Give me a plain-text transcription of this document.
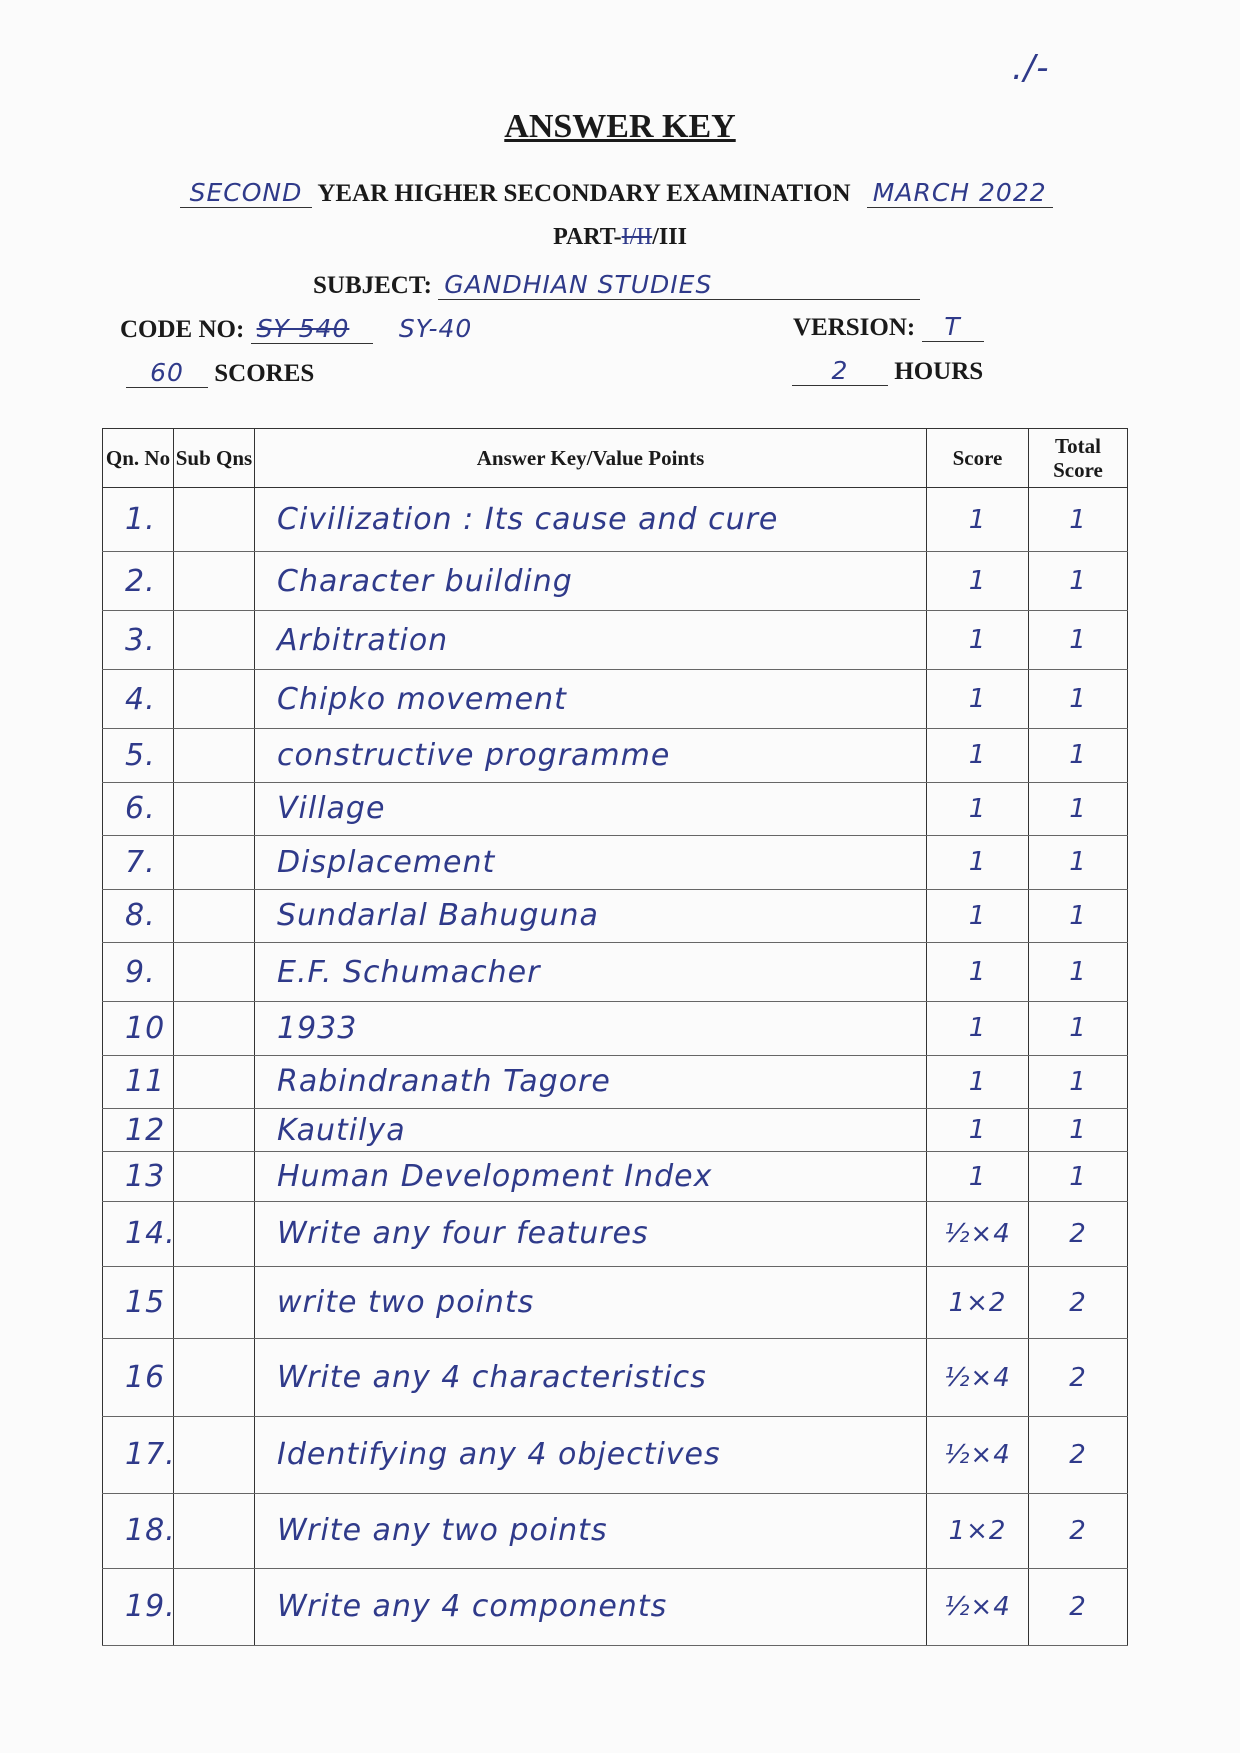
./-
ANSWER KEY
SECOND YEAR HIGHER SECONDARY EXAMINATION MARCH 2022
PART-I/II/III
SUBJECT: GANDHIAN STUDIES
CODE NO: SY 540 SY-40	VERSION: T
60 SCORES	2 HOURS
Qn. No	Sub Qns	Answer Key/Value Points	Score	Total Score
1.		Civilization : Its cause and cure	1	1
2.		Character building	1	1
3.		Arbitration	1	1
4.		Chipko movement	1	1
5.		constructive programme	1	1
6.		Village	1	1
7.		Displacement	1	1
8.		Sundarlal Bahuguna	1	1
9.		E.F. Schumacher	1	1
10		1933	1	1
11		Rabindranath Tagore	1	1
12		Kautilya	1	1
13		Human Development Index	1	1
14.		Write any four features	½×4	2
15		write two points	1×2	2
16		Write any 4 characteristics	½×4	2
17.		Identifying any 4 objectives	½×4	2
18.		Write any two points	1×2	2
19.		Write any 4 components	½×4	2
